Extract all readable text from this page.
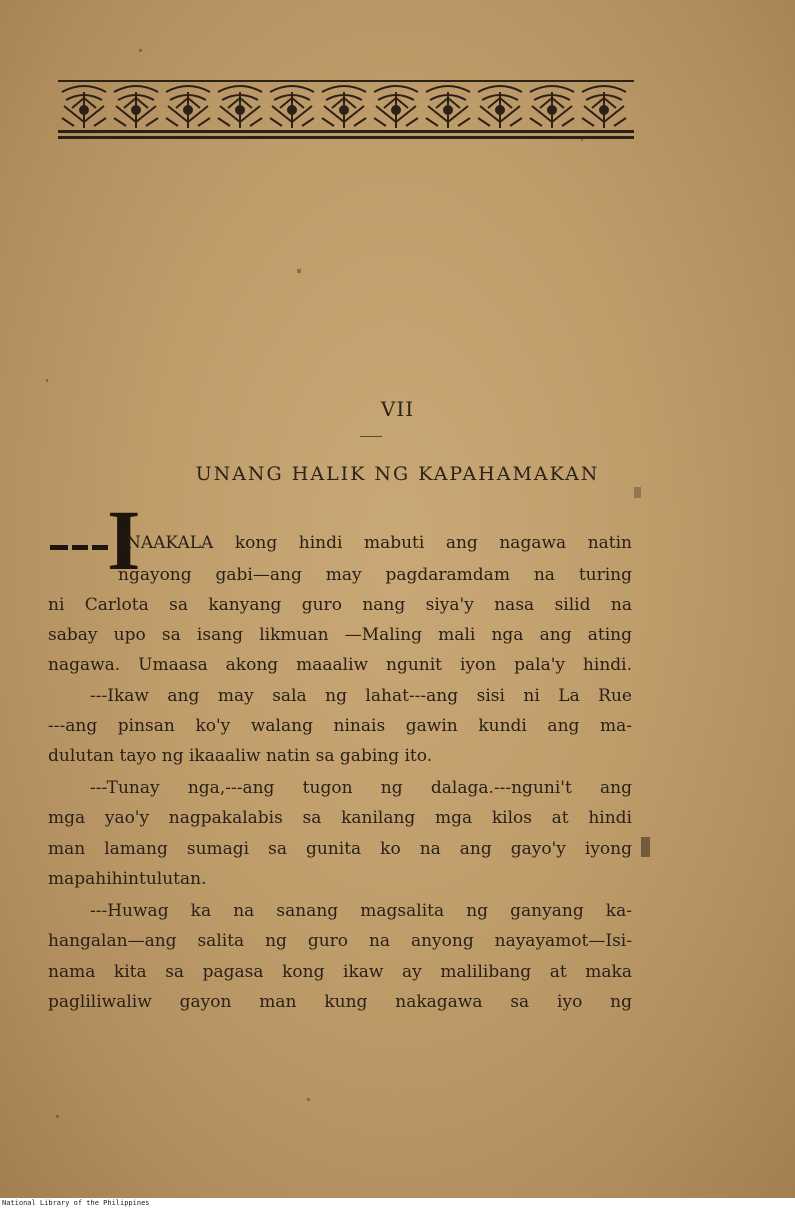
VII
UNANG HALIK NG KAPAHAMAKAN
I
NAAKALA kong hindi mabuti ang nagawa natin
ngayong gabi—ang may pagdaramdam na turing
ni Carlota sa kanyang guro nang siya'y nasa silid na
sabay upo sa isang likmuan —Maling mali nga ang ating
nagawa. Umaasa akong maaaliw ngunit iyon pala'y hindi.
---Ikaw ang may sala ng lahat---ang sisi ni La Rue
---ang pinsan ko'y walang ninais gawin kundi ang ma-
dulutan tayo ng ikaaaliw natin sa gabing ito.
---Tunay nga,---ang tugon ng dalaga.---nguni't ang
mga yao'y nagpakalabis sa kanilang mga kilos at hindi
man lamang sumagi sa gunita ko na ang gayo'y iyong
mapahihintulutan.
---Huwag ka na sanang magsalita ng ganyang ka-
hangalan—ang salita ng guro na anyong nayayamot—Isi-
nama kita sa pagasa kong ikaw ay malilibang at maka
pagliliwaliw gayon man kung nakagawa sa iyo ng
National Library of the Philippines
